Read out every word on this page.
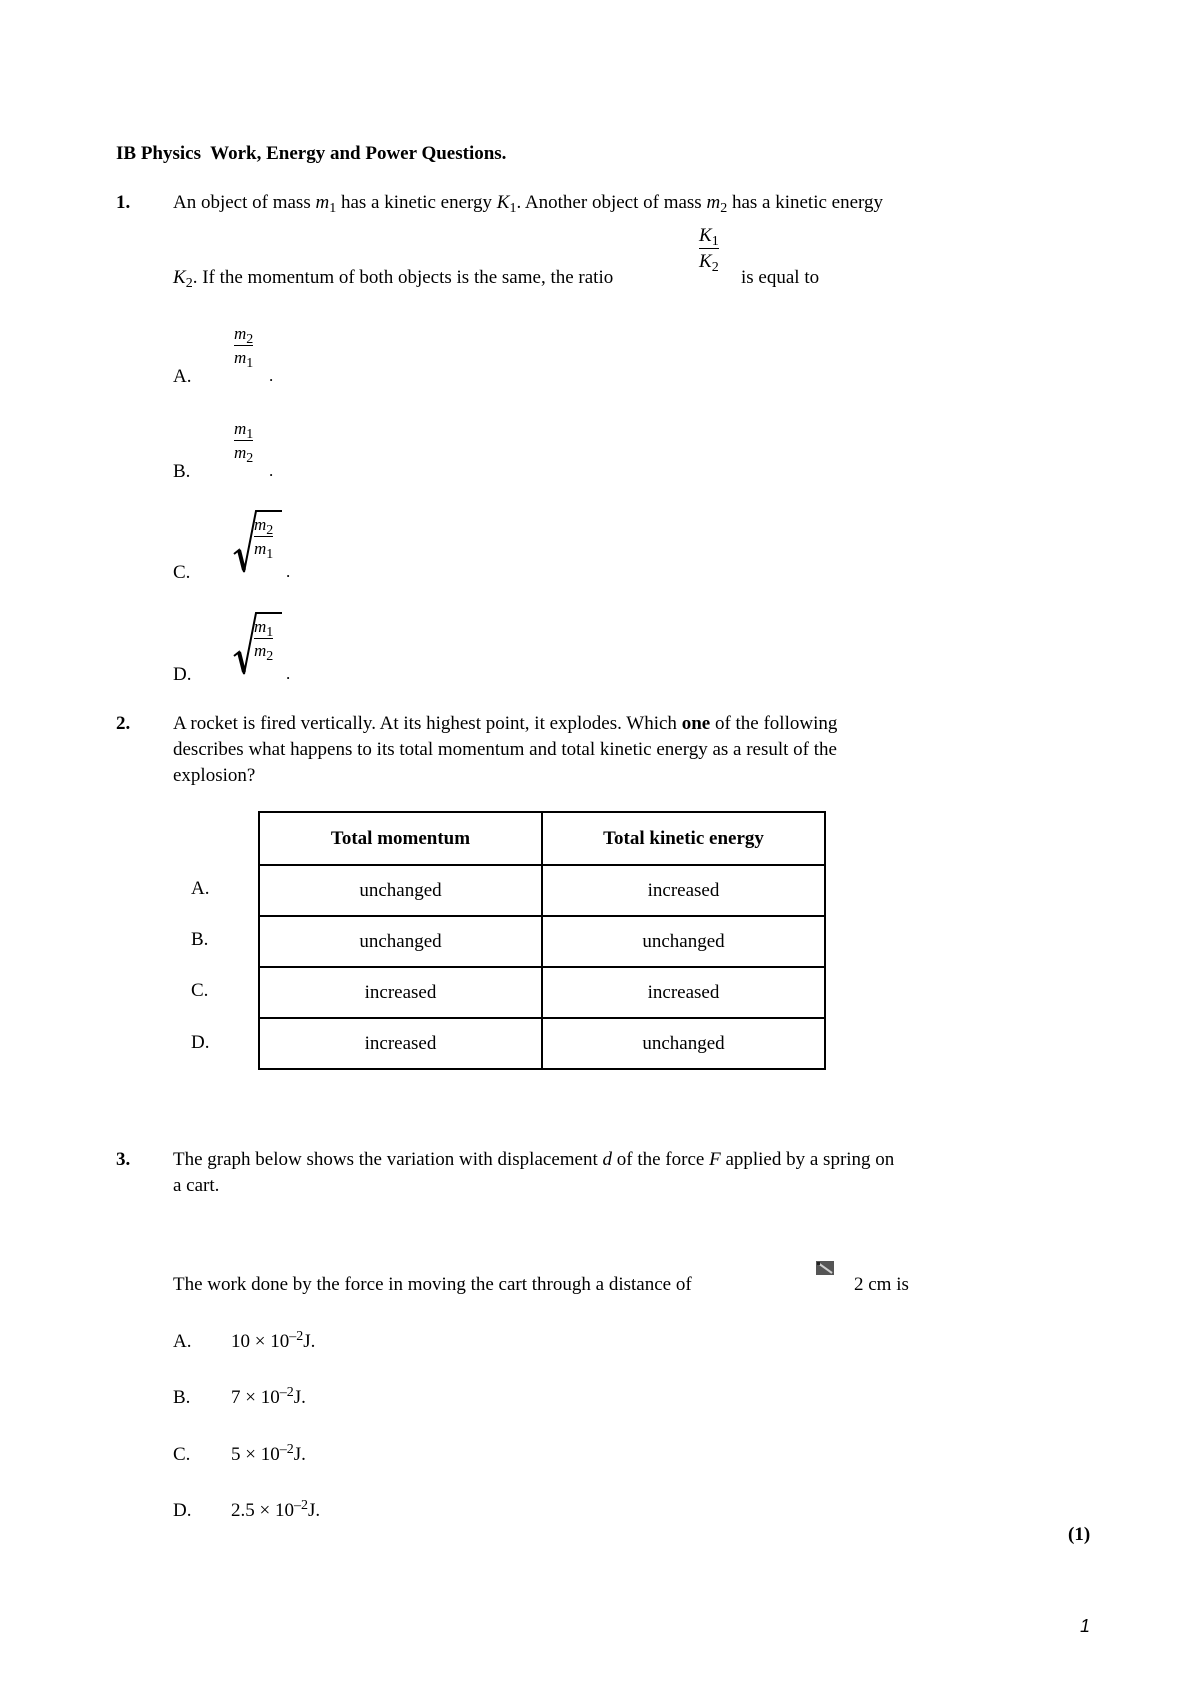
IB Physics  Work, Energy and Power Questions.
1. An object of mass $m_1$ has a kinetic energy $K_1$. Another object of mass $m_2$ has a kinetic energy
$K_2$. If the momentum of both objects is the same, the ratio
$\frac{K_1}{K_2}$
is equal to
A.
$\frac{m_2}{m_1}$
.
B.
$\frac{m_1}{m_2}$
.
C.
$\frac{m_2}{m_1}$
.
D.
$\frac{m_1}{m_2}$
.
2. A rocket is fired vertically. At its highest point, it explodes. Which one of the following
describes what happens to its total momentum and total kinetic energy as a result of the
explosion?
Total momentum	Total kinetic energy
unchanged	increased
unchanged	unchanged
increased	increased
increased	unchanged
A.
B.
C.
D.
3. The graph below shows the variation with displacement d of the force F applied by a spring on
a cart.
The work done by the force in moving the cart through a distance of	2 cm is
A. $10 \times 10^{-2}J$.
B. $7 \times 10^{-2}J$.
C. $5 \times 10^{-2}J$.
D. $2.5 \times 10^{-2}J$.
(1)
1
